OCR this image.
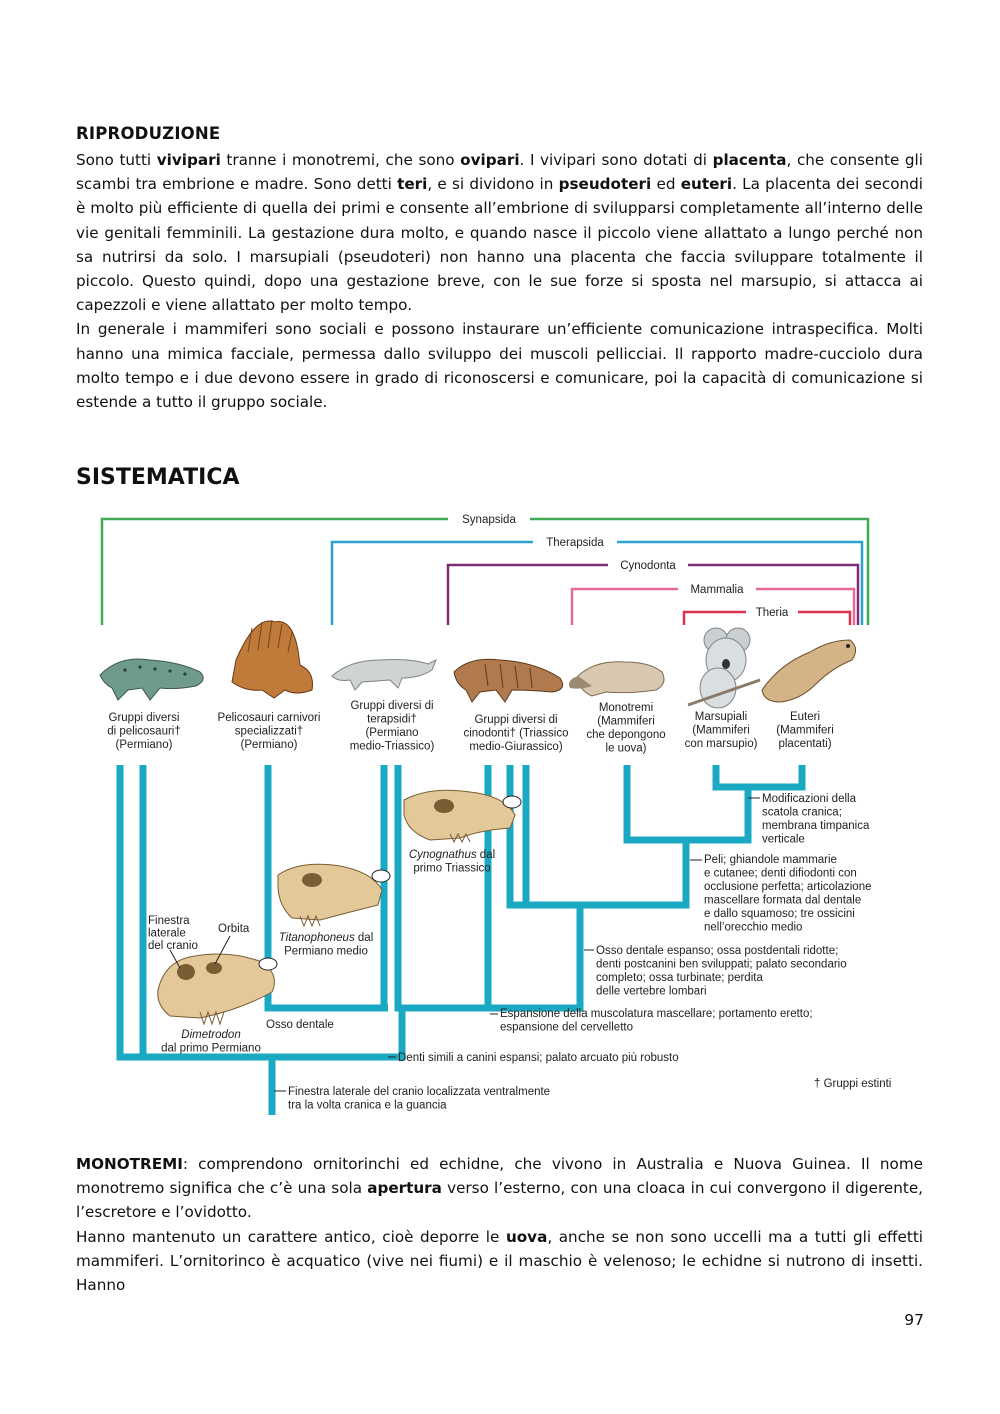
RIPRODUZIONE

Sono tutti vivipari tranne i monotremi, che sono ovipari. I vivipari sono dotati di placenta, che consente gli scambi tra embrione e madre. Sono detti teri, e si dividono in pseudoteri ed euteri. La placenta dei secondi è molto più efficiente di quella dei primi e consente all’embrione di svilupparsi completamente all’interno delle vie genitali femminili. La gestazione dura molto, e quando nasce il piccolo viene allattato a lungo perché non sa nutrirsi da solo. I marsupiali (pseudoteri) non hanno una placenta che faccia sviluppare totalmente il piccolo. Questo quindi, dopo una gestazione breve, con le sue forze si sposta nel marsupio, si attacca ai capezzoli e viene allattato per molto tempo.

In generale i mammiferi sono sociali e possono instaurare un’efficiente comunicazione intraspecifica. Molti hanno una mimica facciale, permessa dallo sviluppo dei muscoli pellicciai. Il rapporto madre-cucciolo dura molto tempo e i due devono essere in grado di riconoscersi e comunicare, poi la capacità di comunicazione si estende a tutto il gruppo sociale.

SISTEMATICA
Synapsida
Therapsida
Cynodonta
Mammalia
Theria
Gruppi diversi di pelicosauri† (Permiano)
Pelicosauri carnivori specializzati† (Permiano)
Gruppi diversi di terapsidi† (Permiano medio-Triassico)
Gruppi diversi di cinodonti† (Triassico medio-Giurassico)
Monotremi (Mammiferi che depongono le uova)
Marsupiali (Mammiferi con marsupio)
Euteri (Mammiferi placentati)
Modificazioni della scatola cranica; membrana timpanica verticale
Peli; ghiandole mammarie e cutanee; denti difiodonti con occlusione perfetta; articolazione mascellare formata dal dentale e dallo squamoso; tre ossicini nell’orecchio medio
Osso dentale espanso; ossa postdentali ridotte; denti postcanini ben sviluppati; palato secondario completo; ossa turbinate; perdita delle vertebre lombari
Espansione della muscolatura mascellare; portamento eretto; espansione del cervelletto
Denti simili a canini espansi; palato arcuato più robusto
Finestra laterale del cranio localizzata ventralmente tra la volta cranica e la guancia
† Gruppi estinti
Cynognathus dal primo Triassico
Titanophoneus dal Permiano medio
Dimetrodon dal primo Permiano
Finestra laterale del cranio
Orbita
Osso dentale

MONOTREMI: comprendono ornitorinchi ed echidne, che vivono in Australia e Nuova Guinea. Il nome monotremo significa che c’è una sola apertura verso l’esterno, con una cloaca in cui convergono il digerente, l’escretore e l’ovidotto.

Hanno mantenuto un carattere antico, cioè deporre le uova, anche se non sono uccelli ma a tutti gli effetti mammiferi. L’ornitorinco è acquatico (vive nei fiumi) e il maschio è velenoso; le echidne si nutrono di insetti. Hanno

97
